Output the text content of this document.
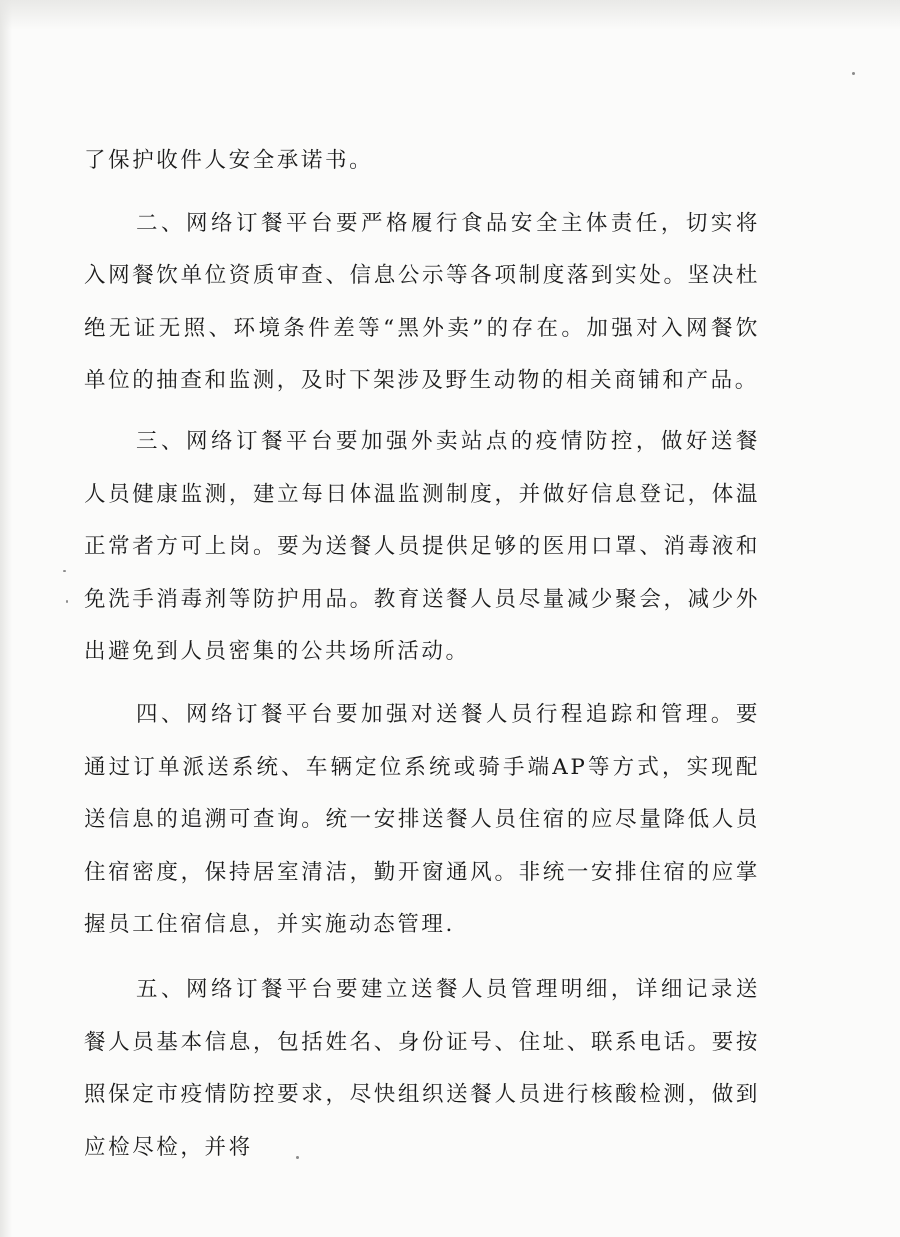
了保护收件人安全承诺书。

二、网络订餐平台要严格履行食品安全主体责任，切实将入网餐饮单位资质审查、信息公示等各项制度落到实处。坚决杜绝无证无照、环境条件差等“黑外卖”的存在。加强对入网餐饮单位的抽查和监测，及时下架涉及野生动物的相关商铺和产品。

三、网络订餐平台要加强外卖站点的疫情防控，做好送餐人员健康监测，建立每日体温监测制度，并做好信息登记，体温正常者方可上岗。要为送餐人员提供足够的医用口罩、消毒液和免洗手消毒剂等防护用品。教育送餐人员尽量减少聚会，减少外出避免到人员密集的公共场所活动。

四、网络订餐平台要加强对送餐人员行程追踪和管理。要通过订单派送系统、车辆定位系统或骑手端AP等方式，实现配送信息的追溯可查询。统一安排送餐人员住宿的应尽量降低人员住宿密度，保持居室清洁，勤开窗通风。非统一安排住宿的应掌握员工住宿信息，并实施动态管理.

五、网络订餐平台要建立送餐人员管理明细，详细记录送餐人员基本信息，包括姓名、身份证号、住址、联系电话。要按照保定市疫情防控要求，尽快组织送餐人员进行核酸检测，做到应检尽检，并将
